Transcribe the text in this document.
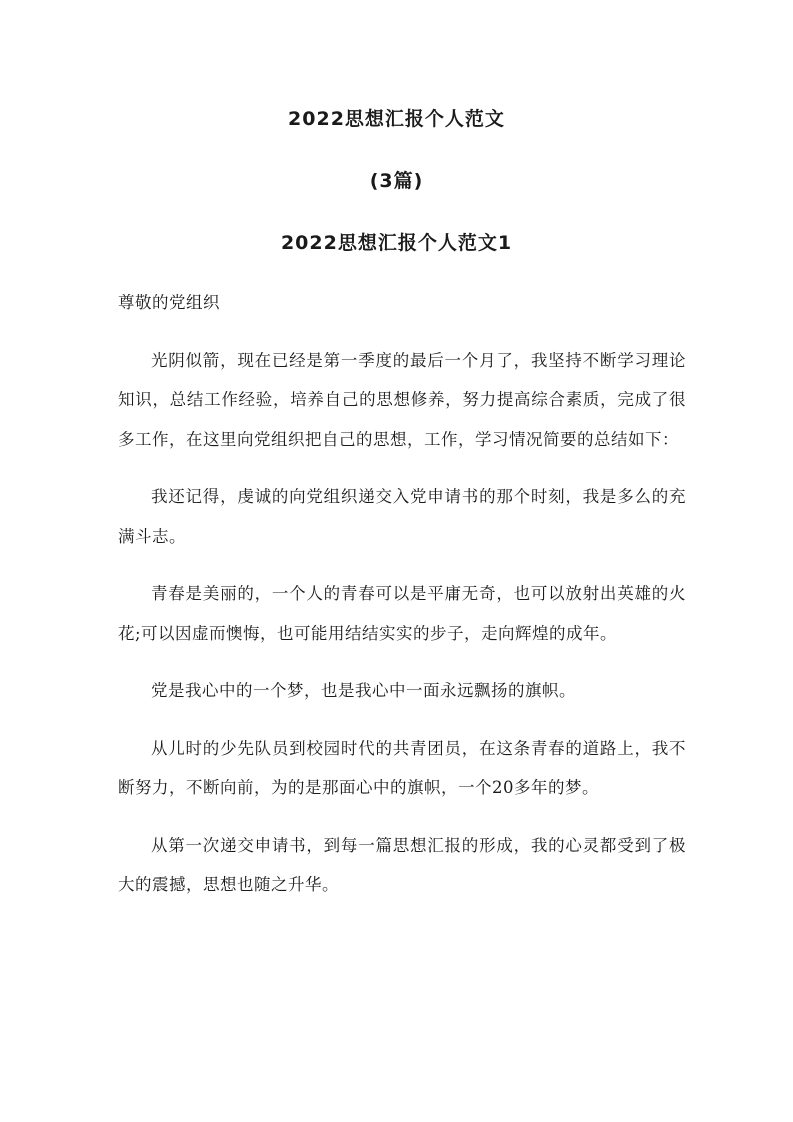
2022思想汇报个人范文
(3篇)
2022思想汇报个人范文1

尊敬的党组织

光阴似箭，现在已经是第一季度的最后一个月了，我坚持不断学习理论知识，总结工作经验，培养自己的思想修养，努力提高综合素质，完成了很多工作，在这里向党组织把自己的思想，工作，学习情况简要的总结如下：

我还记得，虔诚的向党组织递交入党申请书的那个时刻，我是多么的充满斗志。

青春是美丽的，一个人的青春可以是平庸无奇，也可以放射出英雄的火花;可以因虚而懊悔，也可能用结结实实的步子，走向辉煌的成年。

党是我心中的一个梦，也是我心中一面永远飘扬的旗帜。

从儿时的少先队员到校园时代的共青团员，在这条青春的道路上，我不断努力，不断向前，为的是那面心中的旗帜，一个20多年的梦。

从第一次递交申请书，到每一篇思想汇报的形成，我的心灵都受到了极大的震撼，思想也随之升华。
